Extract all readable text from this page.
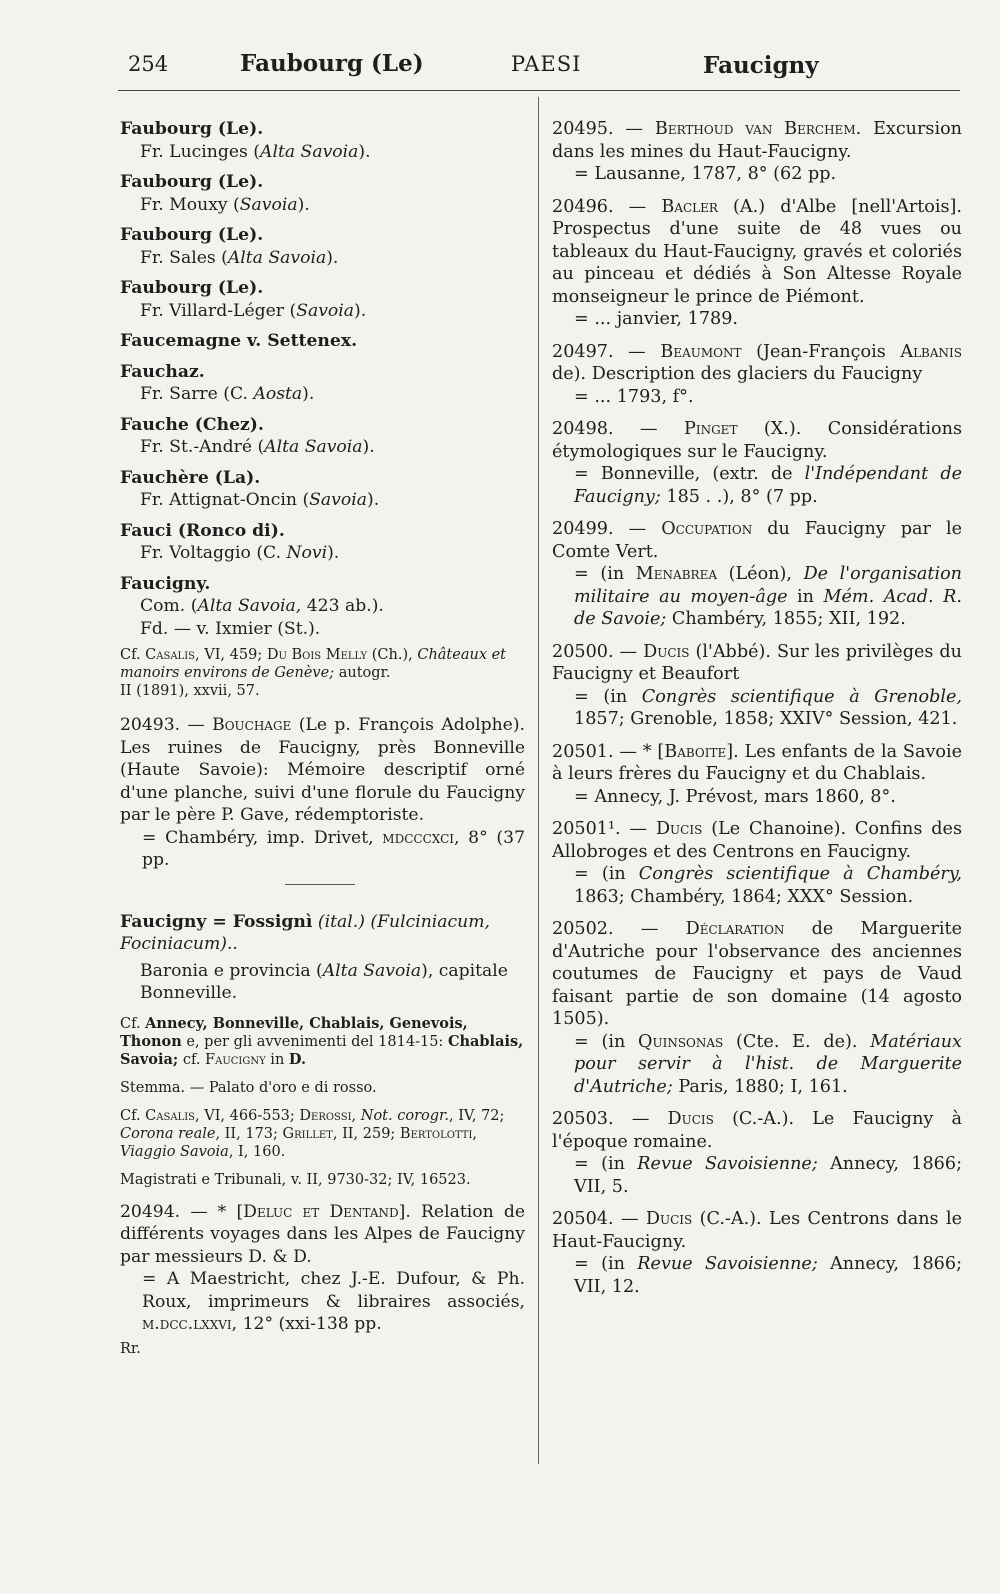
254	Faubourg (Le)	PAESI	Faucigny
Faubourg (Le).
Fr. Lucinges (Alta Savoia).
Faubourg (Le).
Fr. Mouxy (Savoia).
Faubourg (Le).
Fr. Sales (Alta Savoia).
Faubourg (Le).
Fr. Villard-Léger (Savoia).
Faucemagne v. Settenex.
Fauchaz.
Fr. Sarre (C. Aosta).
Fauche (Chez).
Fr. St.-André (Alta Savoia).
Fauchère (La).
Fr. Attignat-Oncin (Savoia).
Fauci (Ronco di).
Fr. Voltaggio (C. Novi).
Faucigny.
Com. (Alta Savoia, 423 ab.).
Fd. — v. Ixmier (St.).
Cf. Casalis, VI, 459; Du Bois Melly (Ch.), Châteaux et manoirs environs de Genève; autogr.
II (1891), xxvii, 57.
20493. — Bouchage (Le p. François Adolphe). Les ruines de Faucigny, près Bonneville (Haute Savoie): Mémoire descriptif orné d'une planche, suivi d'une florule du Faucigny par le père P. Gave, rédemptoriste.
= Chambéry, imp. Drivet, mdcccxci, 8° (37 pp.
Faucigny = Fossignì (ital.) (Fulciniacum, Fociniacum)..
Baronia e provincia (Alta Savoia), capitale Bonneville.
Cf. Annecy, Bonneville, Chablais, Genevois, Thonon e, per gli avvenimenti del 1814-15: Chablais, Savoia; cf. Faucigny in D.
Stemma. — Palato d'oro e di rosso.
Cf. Casalis, VI, 466-553; Derossi, Not. corogr., IV, 72; Corona reale, II, 173; Grillet, II, 259; Bertolotti, Viaggio Savoia, I, 160.
Magistrati e Tribunali, v. II, 9730-32; IV, 16523.
20494. — * [Deluc et Dentand]. Relation de différents voyages dans les Alpes de Faucigny par messieurs D. & D.
= A Maestricht, chez J.-E. Dufour, & Ph. Roux, imprimeurs & libraires associés, m.dcc.lxxvi, 12° (xxi-138 pp.
Rr.
20495. — Berthoud van Berchem. Excursion dans les mines du Haut-Faucigny.
= Lausanne, 1787, 8° (62 pp.
20496. — Bacler (A.) d'Albe [nell'Artois]. Prospectus d'une suite de 48 vues ou tableaux du Haut-Faucigny, gravés et coloriés au pinceau et dédiés à Son Altesse Royale monseigneur le prince de Piémont.
= ... janvier, 1789.
20497. — Beaumont (Jean-François Albanis de). Description des glaciers du Faucigny
= ... 1793, f°.
20498. — Pinget (X.). Considérations étymologiques sur le Faucigny.
= Bonneville, (extr. de l'Indépendant de Faucigny; 185 . .), 8° (7 pp.
20499. — Occupation du Faucigny par le Comte Vert.
= (in Menabrea (Léon), De l'organisation militaire au moyen-âge in Mém. Acad. R. de Savoie; Chambéry, 1855; XII, 192.
20500. — Ducis (l'Abbé). Sur les privilèges du Faucigny et Beaufort
= (in Congrès scientifique à Grenoble, 1857; Grenoble, 1858; XXIV° Session, 421.
20501. — * [Baboite]. Les enfants de la Savoie à leurs frères du Faucigny et du Chablais.
= Annecy, J. Prévost, mars 1860, 8°.
20501¹. — Ducis (Le Chanoine). Confins des Allobroges et des Centrons en Faucigny.
= (in Congrès scientifique à Chambéry, 1863; Chambéry, 1864; XXX° Session.
20502. — Déclaration de Marguerite d'Autriche pour l'observance des anciennes coutumes de Faucigny et pays de Vaud faisant partie de son domaine (14 agosto 1505).
= (in Quinsonas (Cte. E. de). Matériaux pour servir à l'hist. de Marguerite d'Autriche; Paris, 1880; I, 161.
20503. — Ducis (C.-A.). Le Faucigny à l'époque romaine.
= (in Revue Savoisienne; Annecy, 1866; VII, 5.
20504. — Ducis (C.-A.). Les Centrons dans le Haut-Faucigny.
= (in Revue Savoisienne; Annecy, 1866; VII, 12.
